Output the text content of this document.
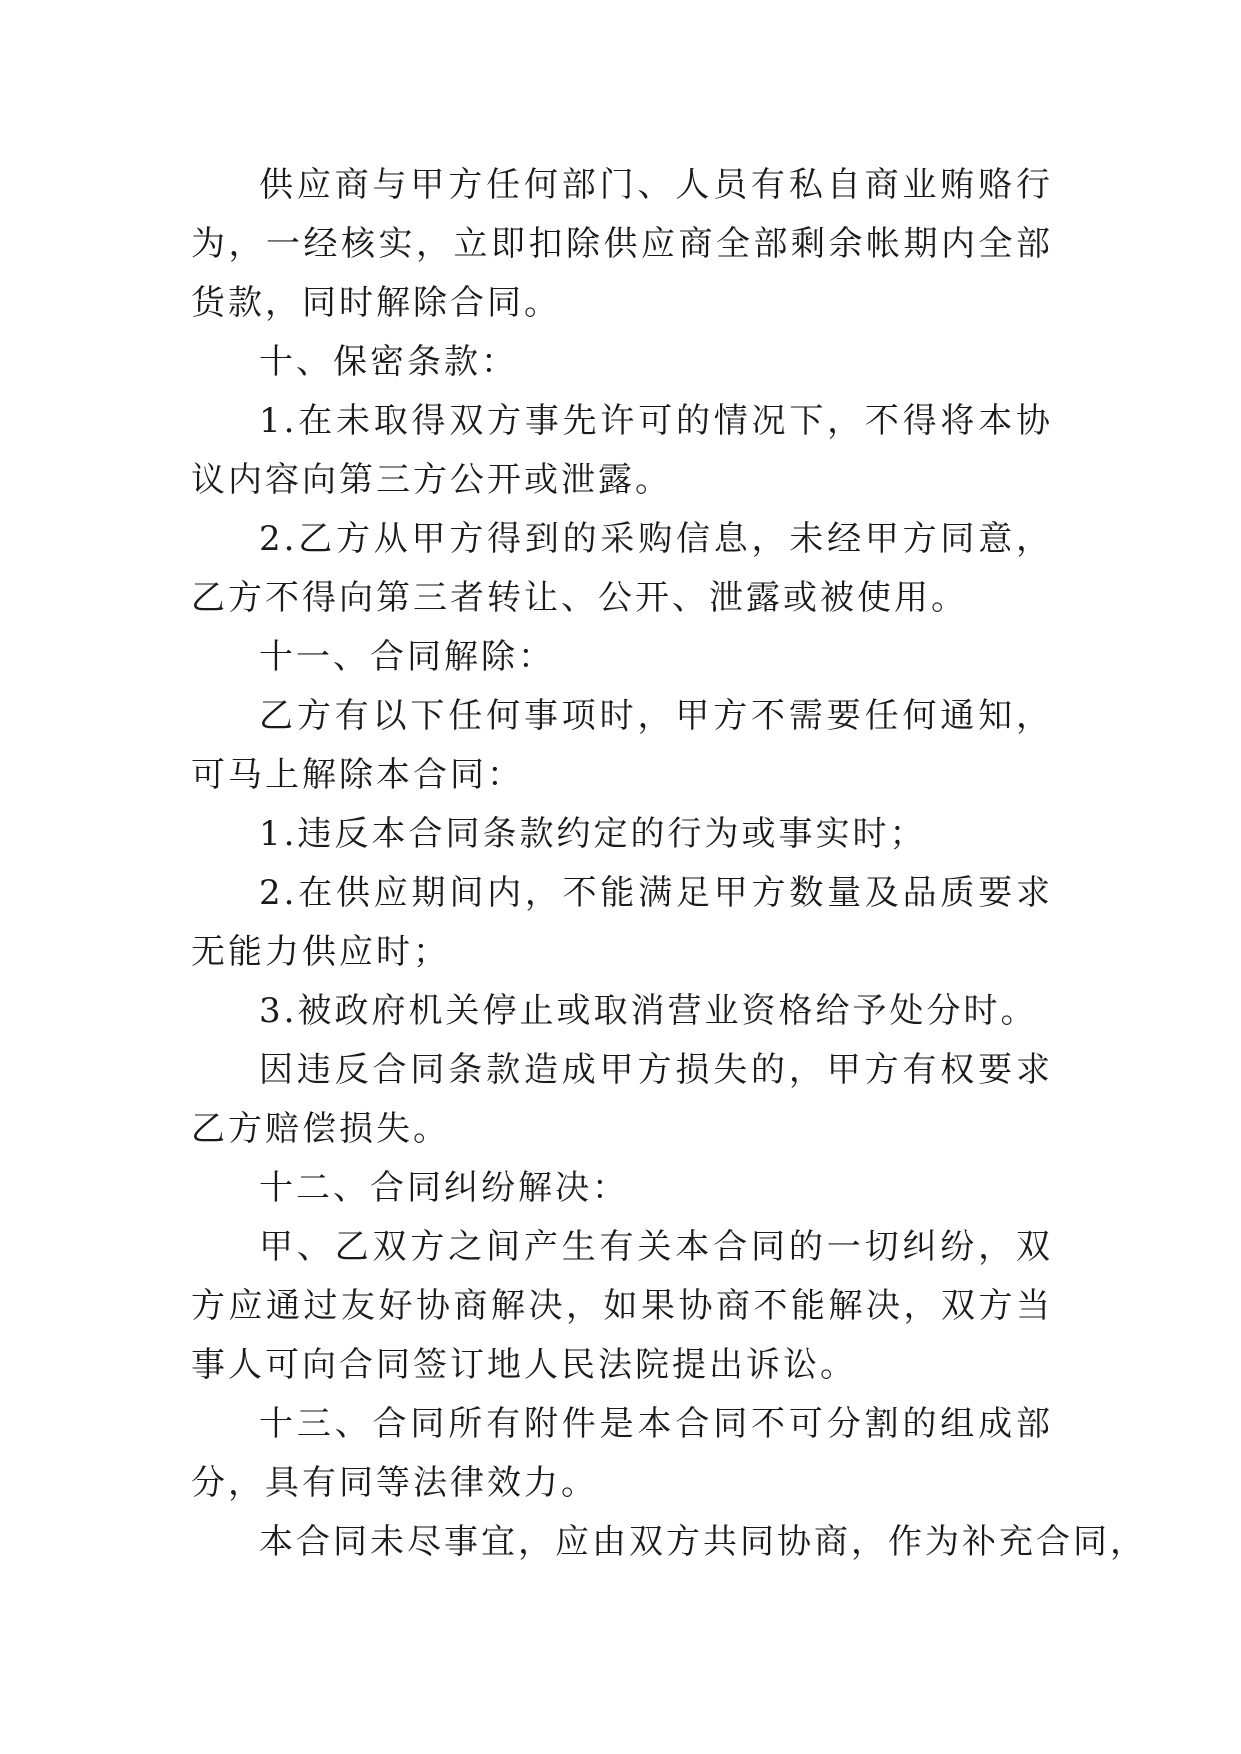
供应商与甲方任何部门、人员有私自商业贿赂行为，一经核实，立即扣除供应商全部剩余帐期内全部货款，同时解除合同。

十、保密条款：

1.在未取得双方事先许可的情况下，不得将本协议内容向第三方公开或泄露。

2.乙方从甲方得到的采购信息，未经甲方同意，乙方不得向第三者转让、公开、泄露或被使用。

十一、合同解除：

乙方有以下任何事项时，甲方不需要任何通知，可马上解除本合同：

1.违反本合同条款约定的行为或事实时；

2.在供应期间内，不能满足甲方数量及品质要求无能力供应时；

3.被政府机关停止或取消营业资格给予处分时。

因违反合同条款造成甲方损失的，甲方有权要求乙方赔偿损失。

十二、合同纠纷解决：

甲、乙双方之间产生有关本合同的一切纠纷，双方应通过友好协商解决，如果协商不能解决，双方当事人可向合同签订地人民法院提出诉讼。

十三、合同所有附件是本合同不可分割的组成部分，具有同等法律效力。

本合同未尽事宜，应由双方共同协商，作为补充合同，
